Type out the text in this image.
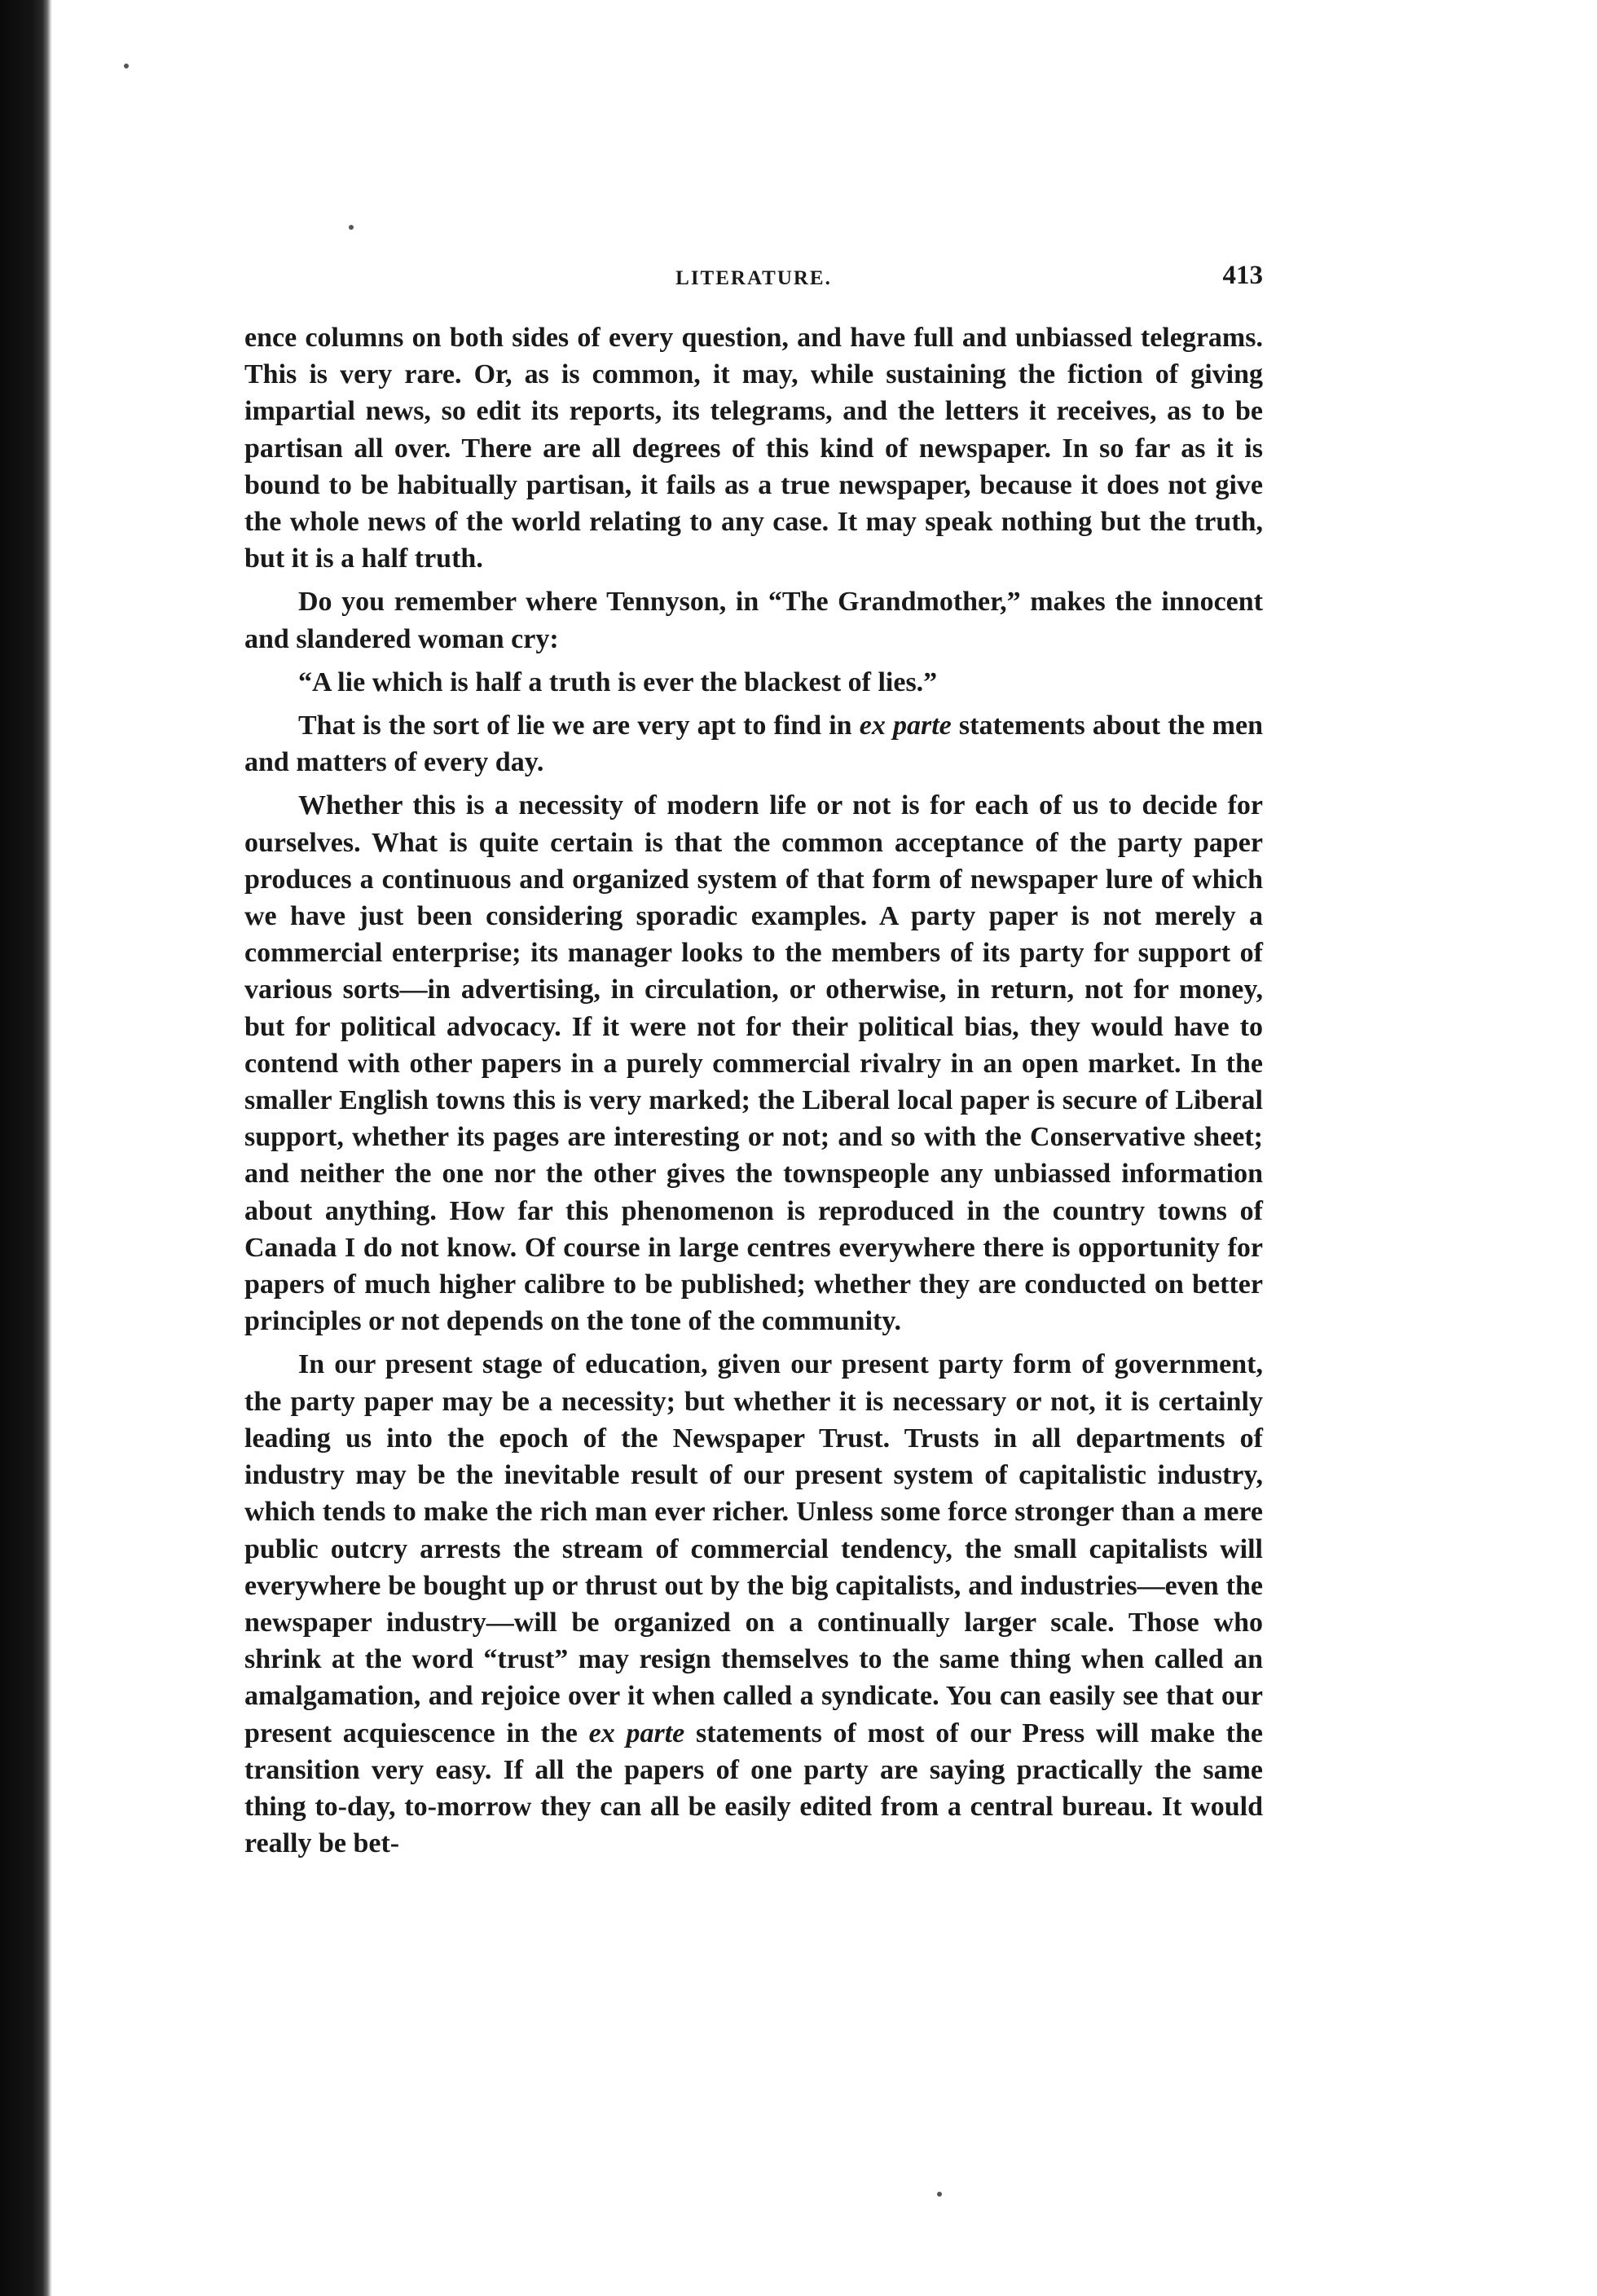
LITERATURE.	413

ence columns on both sides of every question, and have full and unbiassed telegrams. This is very rare. Or, as is common, it may, while sustaining the fiction of giving impartial news, so edit its reports, its telegrams, and the letters it receives, as to be partisan all over. There are all degrees of this kind of newspaper. In so far as it is bound to be habitually partisan, it fails as a true newspaper, because it does not give the whole news of the world relating to any case. It may speak nothing but the truth, but it is a half truth.

Do you remember where Tennyson, in “The Grandmother,” makes the innocent and slandered woman cry:

“A lie which is half a truth is ever the blackest of lies.”

That is the sort of lie we are very apt to find in ex parte statements about the men and matters of every day.

Whether this is a necessity of modern life or not is for each of us to decide for ourselves. What is quite certain is that the common acceptance of the party paper produces a continuous and organized system of that form of newspaper lure of which we have just been considering sporadic examples. A party paper is not merely a commercial enterprise; its manager looks to the members of its party for support of various sorts—in advertising, in circulation, or otherwise, in return, not for money, but for political advocacy. If it were not for their political bias, they would have to contend with other papers in a purely commercial rivalry in an open market. In the smaller English towns this is very marked; the Liberal local paper is secure of Liberal support, whether its pages are interesting or not; and so with the Conservative sheet; and neither the one nor the other gives the townspeople any unbiassed information about anything. How far this phenomenon is reproduced in the country towns of Canada I do not know. Of course in large centres everywhere there is opportunity for papers of much higher calibre to be published; whether they are conducted on better principles or not depends on the tone of the community.

In our present stage of education, given our present party form of government, the party paper may be a necessity; but whether it is necessary or not, it is certainly leading us into the epoch of the Newspaper Trust. Trusts in all departments of industry may be the inevitable result of our present system of capitalistic industry, which tends to make the rich man ever richer. Unless some force stronger than a mere public outcry arrests the stream of commercial tendency, the small capitalists will everywhere be bought up or thrust out by the big capitalists, and industries—even the newspaper industry—will be organized on a continually larger scale. Those who shrink at the word “trust” may resign themselves to the same thing when called an amalgamation, and rejoice over it when called a syndicate. You can easily see that our present acquiescence in the ex parte statements of most of our Press will make the transition very easy. If all the papers of one party are saying practically the same thing to-day, to-morrow they can all be easily edited from a central bureau. It would really be bet-
